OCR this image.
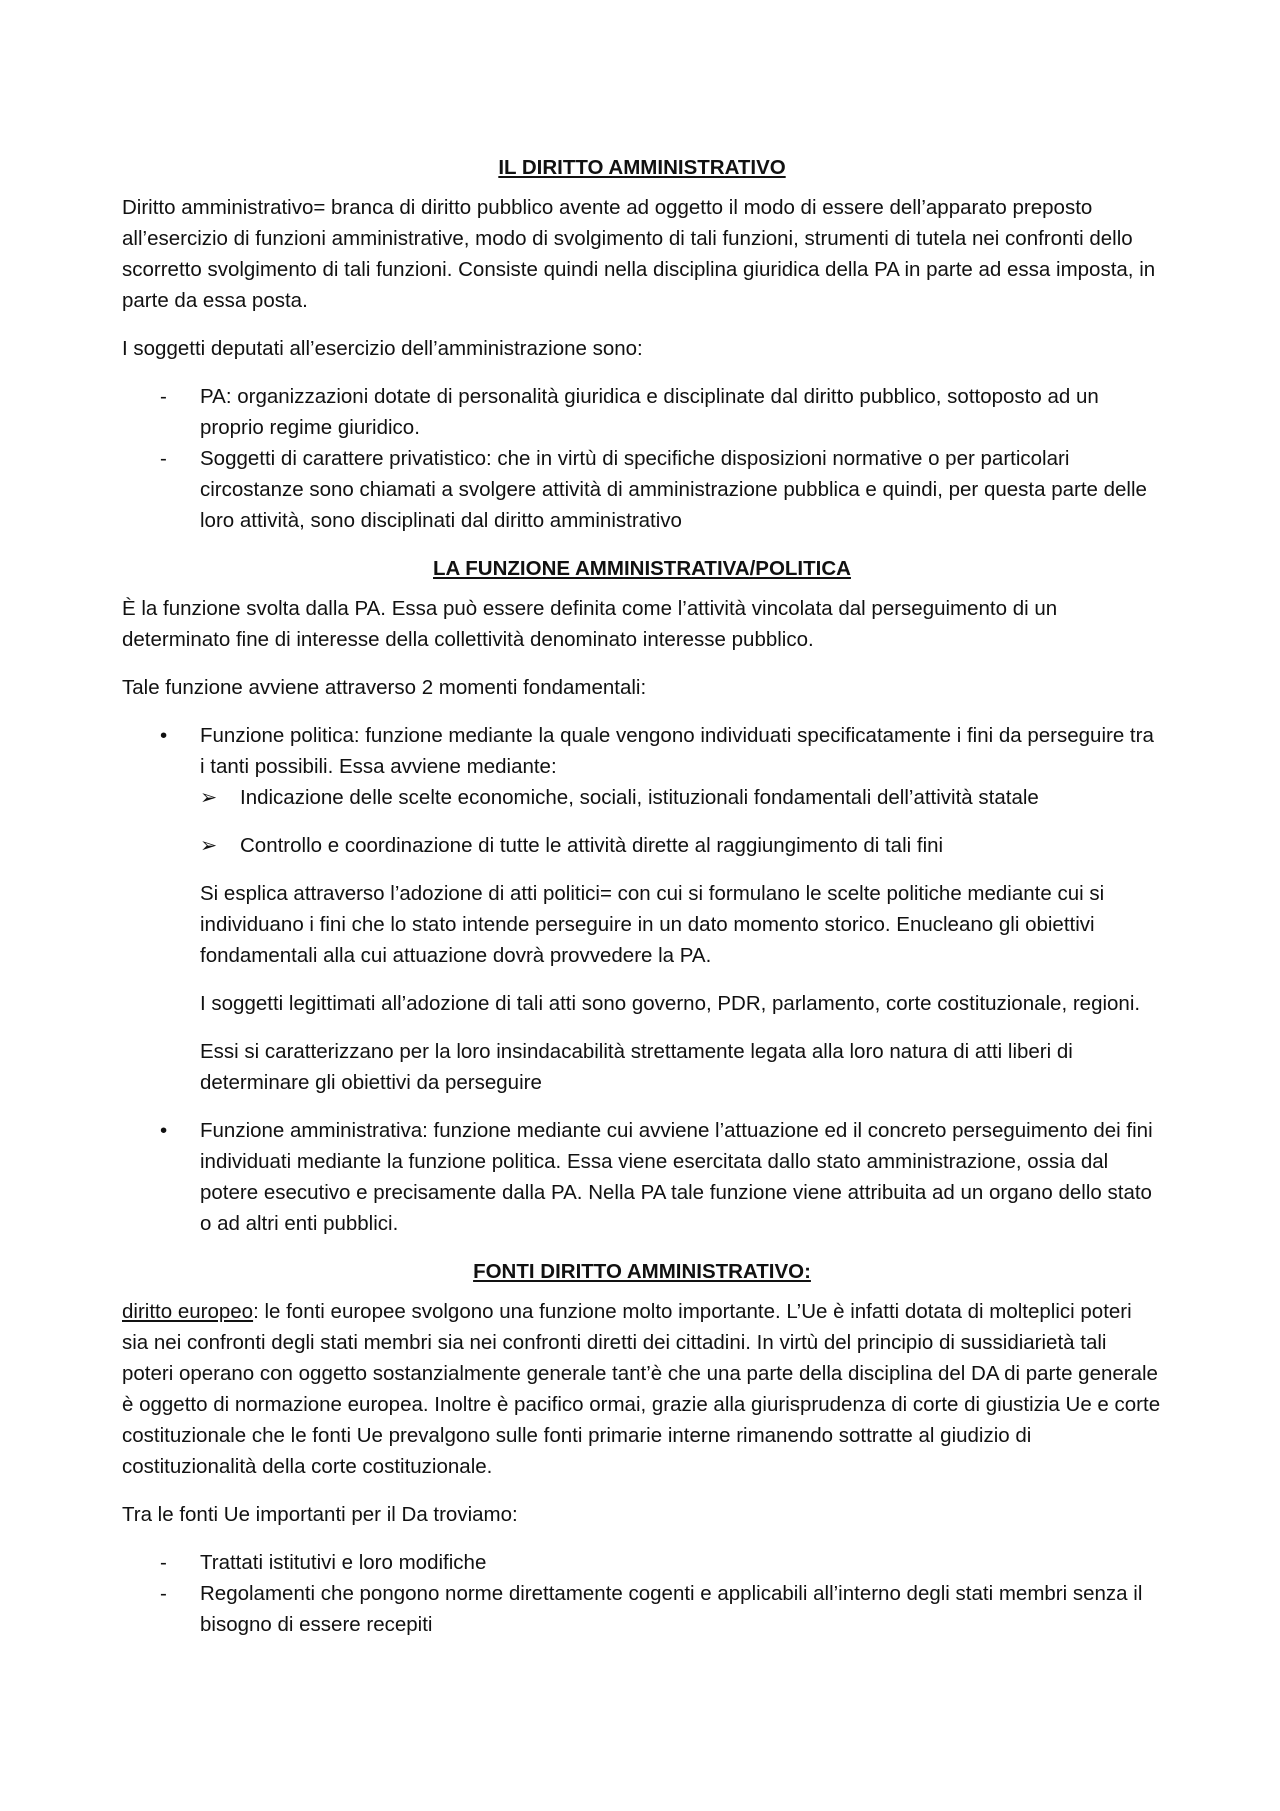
IL DIRITTO AMMINISTRATIVO

Diritto amministrativo= branca di diritto pubblico avente ad oggetto il modo di essere dell’apparato preposto all’esercizio di funzioni amministrative, modo di svolgimento di tali funzioni, strumenti di tutela nei confronti dello scorretto svolgimento di tali funzioni. Consiste quindi nella disciplina giuridica della PA in parte ad essa imposta, in parte da essa posta.

I soggetti deputati all’esercizio dell’amministrazione sono:

-	PA: organizzazioni dotate di personalità giuridica e disciplinate dal diritto pubblico, sottoposto ad un proprio regime giuridico.
-	Soggetti di carattere privatistico: che in virtù di specifiche disposizioni normative o per particolari circostanze sono chiamati a svolgere attività di amministrazione pubblica e quindi, per questa parte delle loro attività, sono disciplinati dal diritto amministrativo
LA FUNZIONE AMMINISTRATIVA/POLITICA

È la funzione svolta dalla PA. Essa può essere definita come l’attività vincolata dal perseguimento di un determinato fine di interesse della collettività denominato interesse pubblico.

Tale funzione avviene attraverso 2 momenti fondamentali:

•	Funzione politica: funzione mediante la quale vengono individuati specificatamente i fini da perseguire tra i tanti possibili. Essa avviene mediante:
➢ Indicazione delle scelte economiche, sociali, istituzionali fondamentali dell’attività statale
➢ Controllo e coordinazione di tutte le attività dirette al raggiungimento di tali fini

Si esplica attraverso l’adozione di atti politici= con cui si formulano le scelte politiche mediante cui si individuano i fini che lo stato intende perseguire in un dato momento storico. Enucleano gli obiettivi fondamentali alla cui attuazione dovrà provvedere la PA.

I soggetti legittimati all’adozione di tali atti sono governo, PDR, parlamento, corte costituzionale, regioni.

Essi si caratterizzano per la loro insindacabilità strettamente legata alla loro natura di atti liberi di determinare gli obiettivi da perseguire

•	Funzione amministrativa: funzione mediante cui avviene l’attuazione ed il concreto perseguimento dei fini individuati mediante la funzione politica. Essa viene esercitata dallo stato amministrazione, ossia dal potere esecutivo e precisamente dalla PA. Nella PA tale funzione viene attribuita ad un organo dello stato o ad altri enti pubblici.
FONTI DIRITTO AMMINISTRATIVO:

diritto europeo: le fonti europee svolgono una funzione molto importante. L’Ue è infatti dotata di molteplici poteri sia nei confronti degli stati membri sia nei confronti diretti dei cittadini. In virtù del principio di sussidiarietà tali poteri operano con oggetto sostanzialmente generale tant’è che una parte della disciplina del DA di parte generale è oggetto di normazione europea. Inoltre è pacifico ormai, grazie alla giurisprudenza di corte di giustizia Ue e corte costituzionale che le fonti Ue prevalgono sulle fonti primarie interne rimanendo sottratte al giudizio di costituzionalità della corte costituzionale.

Tra le fonti Ue importanti per il Da troviamo:

-	Trattati istitutivi e loro modifiche
-	Regolamenti che pongono norme direttamente cogenti e applicabili all’interno degli stati membri senza il bisogno di essere recepiti
